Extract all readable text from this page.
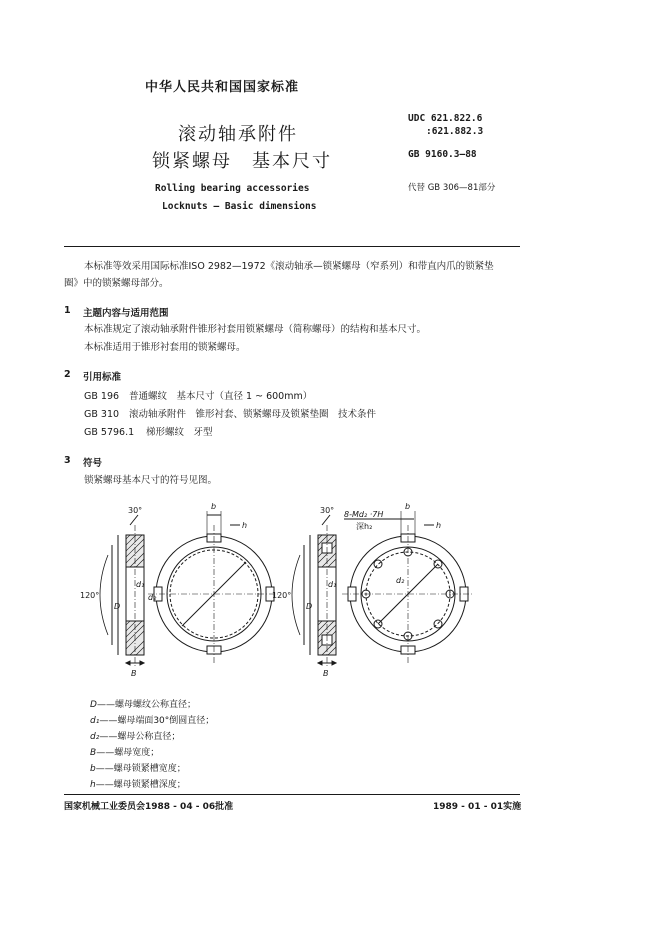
中华人民共和国国家标准
滚动轴承附件
锁紧螺母　基本尺寸
Rolling bearing accessories
Locknuts — Basic dimensions
UDC 621.822.6
:621.882.3
GB 9160.3—88
代替 GB 306—81部分
本标准等效采用国际标准ISO 2982—1972《滚动轴承—锁紧螺母（窄系列）和带直内爪的锁紧垫
圈》中的锁紧螺母部分。
1 主题内容与适用范围
本标准规定了滚动轴承附件锥形衬套用锁紧螺母（简称螺母）的结构和基本尺寸。
本标准适用于锥形衬套用的锁紧螺母。
2 引用标准
GB 196 普通螺纹　基本尺寸（直径 1 ~ 600mm）
GB 310 滚动轴承附件　锥形衬套、锁紧螺母及锁紧垫圈　技术条件
GB 5796.1 梯形螺纹　牙型
3 符号
锁紧螺母基本尺寸的符号见图。
30°
120°
D
d₁
d₂
B
b
h
30°
120°
D
d₁	d₂
B
8-Md₂ ·7H
深h₂
b
h
D——螺母螺纹公称直径；
d₁——螺母端面30°倒圆直径；
d₂——螺母公称直径；
B——螺母宽度；
b——螺母锁紧槽宽度；
h——螺母锁紧槽深度；
国家机械工业委员会1988 - 04 - 06批准	1989 - 01 - 01实施
